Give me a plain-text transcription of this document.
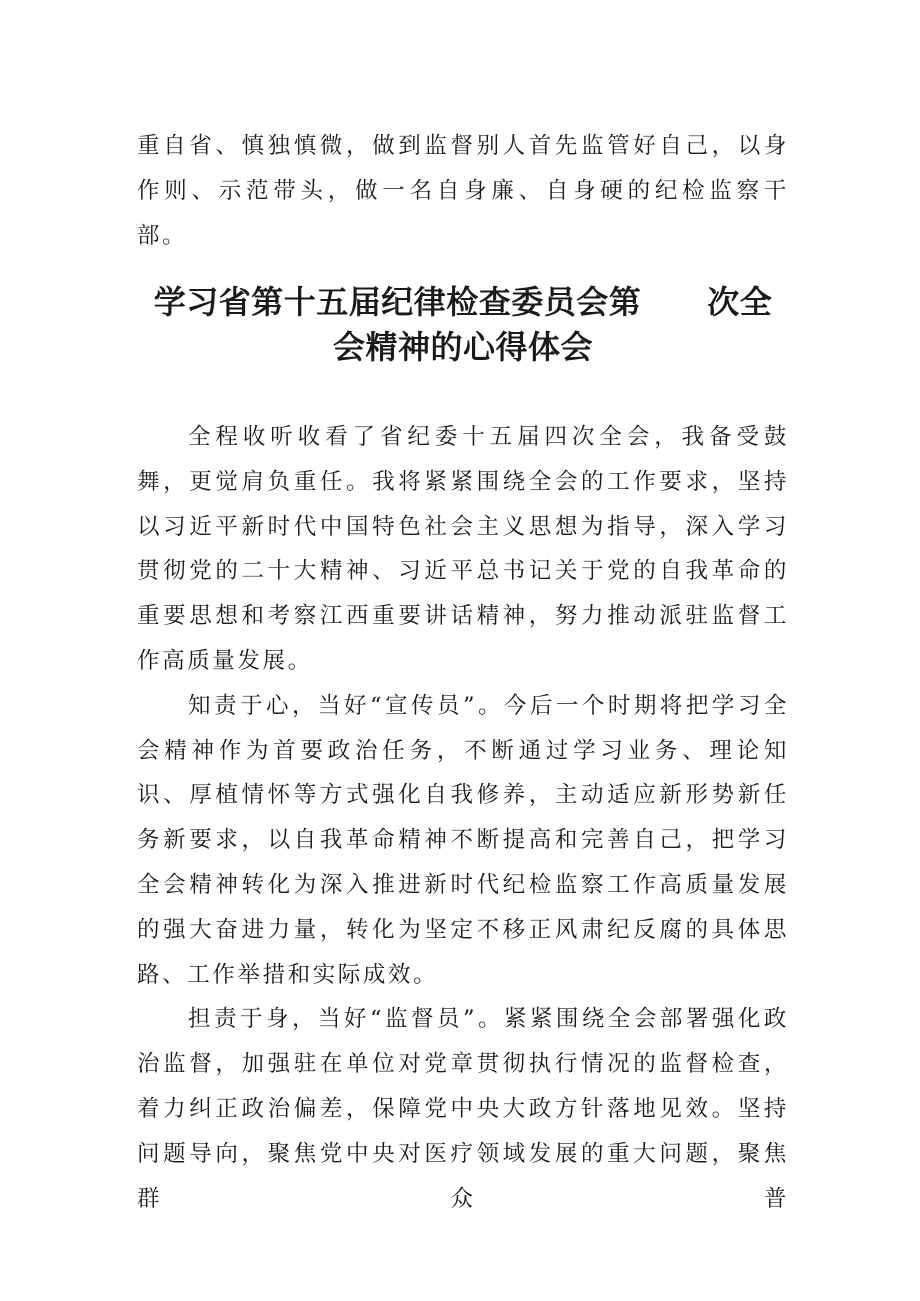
重自省、慎独慎微，做到监督别人首先监管好自己，以身作则、示范带头，做一名自身廉、自身硬的纪检监察干部。

学习省第十五届纪律检查委员会第 次全
会精神的心得体会

全程收听收看了省纪委十五届四次全会，我备受鼓舞，更觉肩负重任。我将紧紧围绕全会的工作要求，坚持以习近平新时代中国特色社会主义思想为指导，深入学习贯彻党的二十大精神、习近平总书记关于党的自我革命的重要思想和考察江西重要讲话精神，努力推动派驻监督工作高质量发展。

知责于心，当好“宣传员”。今后一个时期将把学习全会精神作为首要政治任务，不断通过学习业务、理论知识、厚植情怀等方式强化自我修养，主动适应新形势新任务新要求，以自我革命精神不断提高和完善自己，把学习全会精神转化为深入推进新时代纪检监察工作高质量发展的强大奋进力量，转化为坚定不移正风肃纪反腐的具体思路、工作举措和实际成效。

担责于身，当好“监督员”。紧紧围绕全会部署强化政治监督，加强驻在单位对党章贯彻执行情况的监督检查，着力纠正政治偏差，保障党中央大政方针落地见效。坚持问题导向，聚焦党中央对医疗领域发展的重大问题，聚焦群众普
